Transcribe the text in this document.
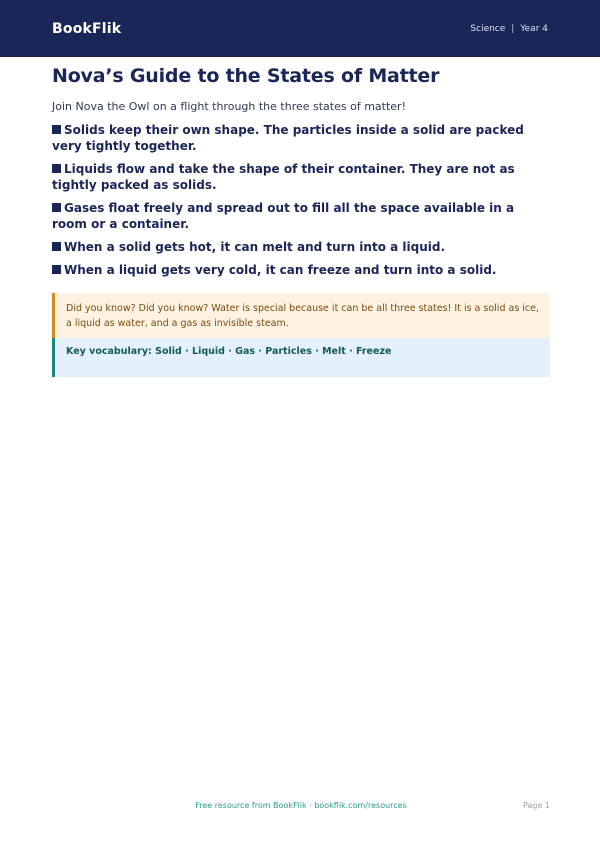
BookFlik	Science | Year 4
Nova’s Guide to the States of Matter

Join Nova the Owl on a flight through the three states of matter!

Solids keep their own shape. The particles inside a solid are packed very tightly together.
Liquids flow and take the shape of their container. They are not as tightly packed as solids.
Gases float freely and spread out to fill all the space available in a room or a container.
When a solid gets hot, it can melt and turn into a liquid.
When a liquid gets very cold, it can freeze and turn into a solid.
Did you know? Did you know? Water is special because it can be all three states! It is a solid as ice, a liquid as water, and a gas as invisible steam.
Key vocabulary: Solid · Liquid · Gas · Particles · Melt · Freeze
Free resource from BookFlik · bookflik.com/resources	Page 1
